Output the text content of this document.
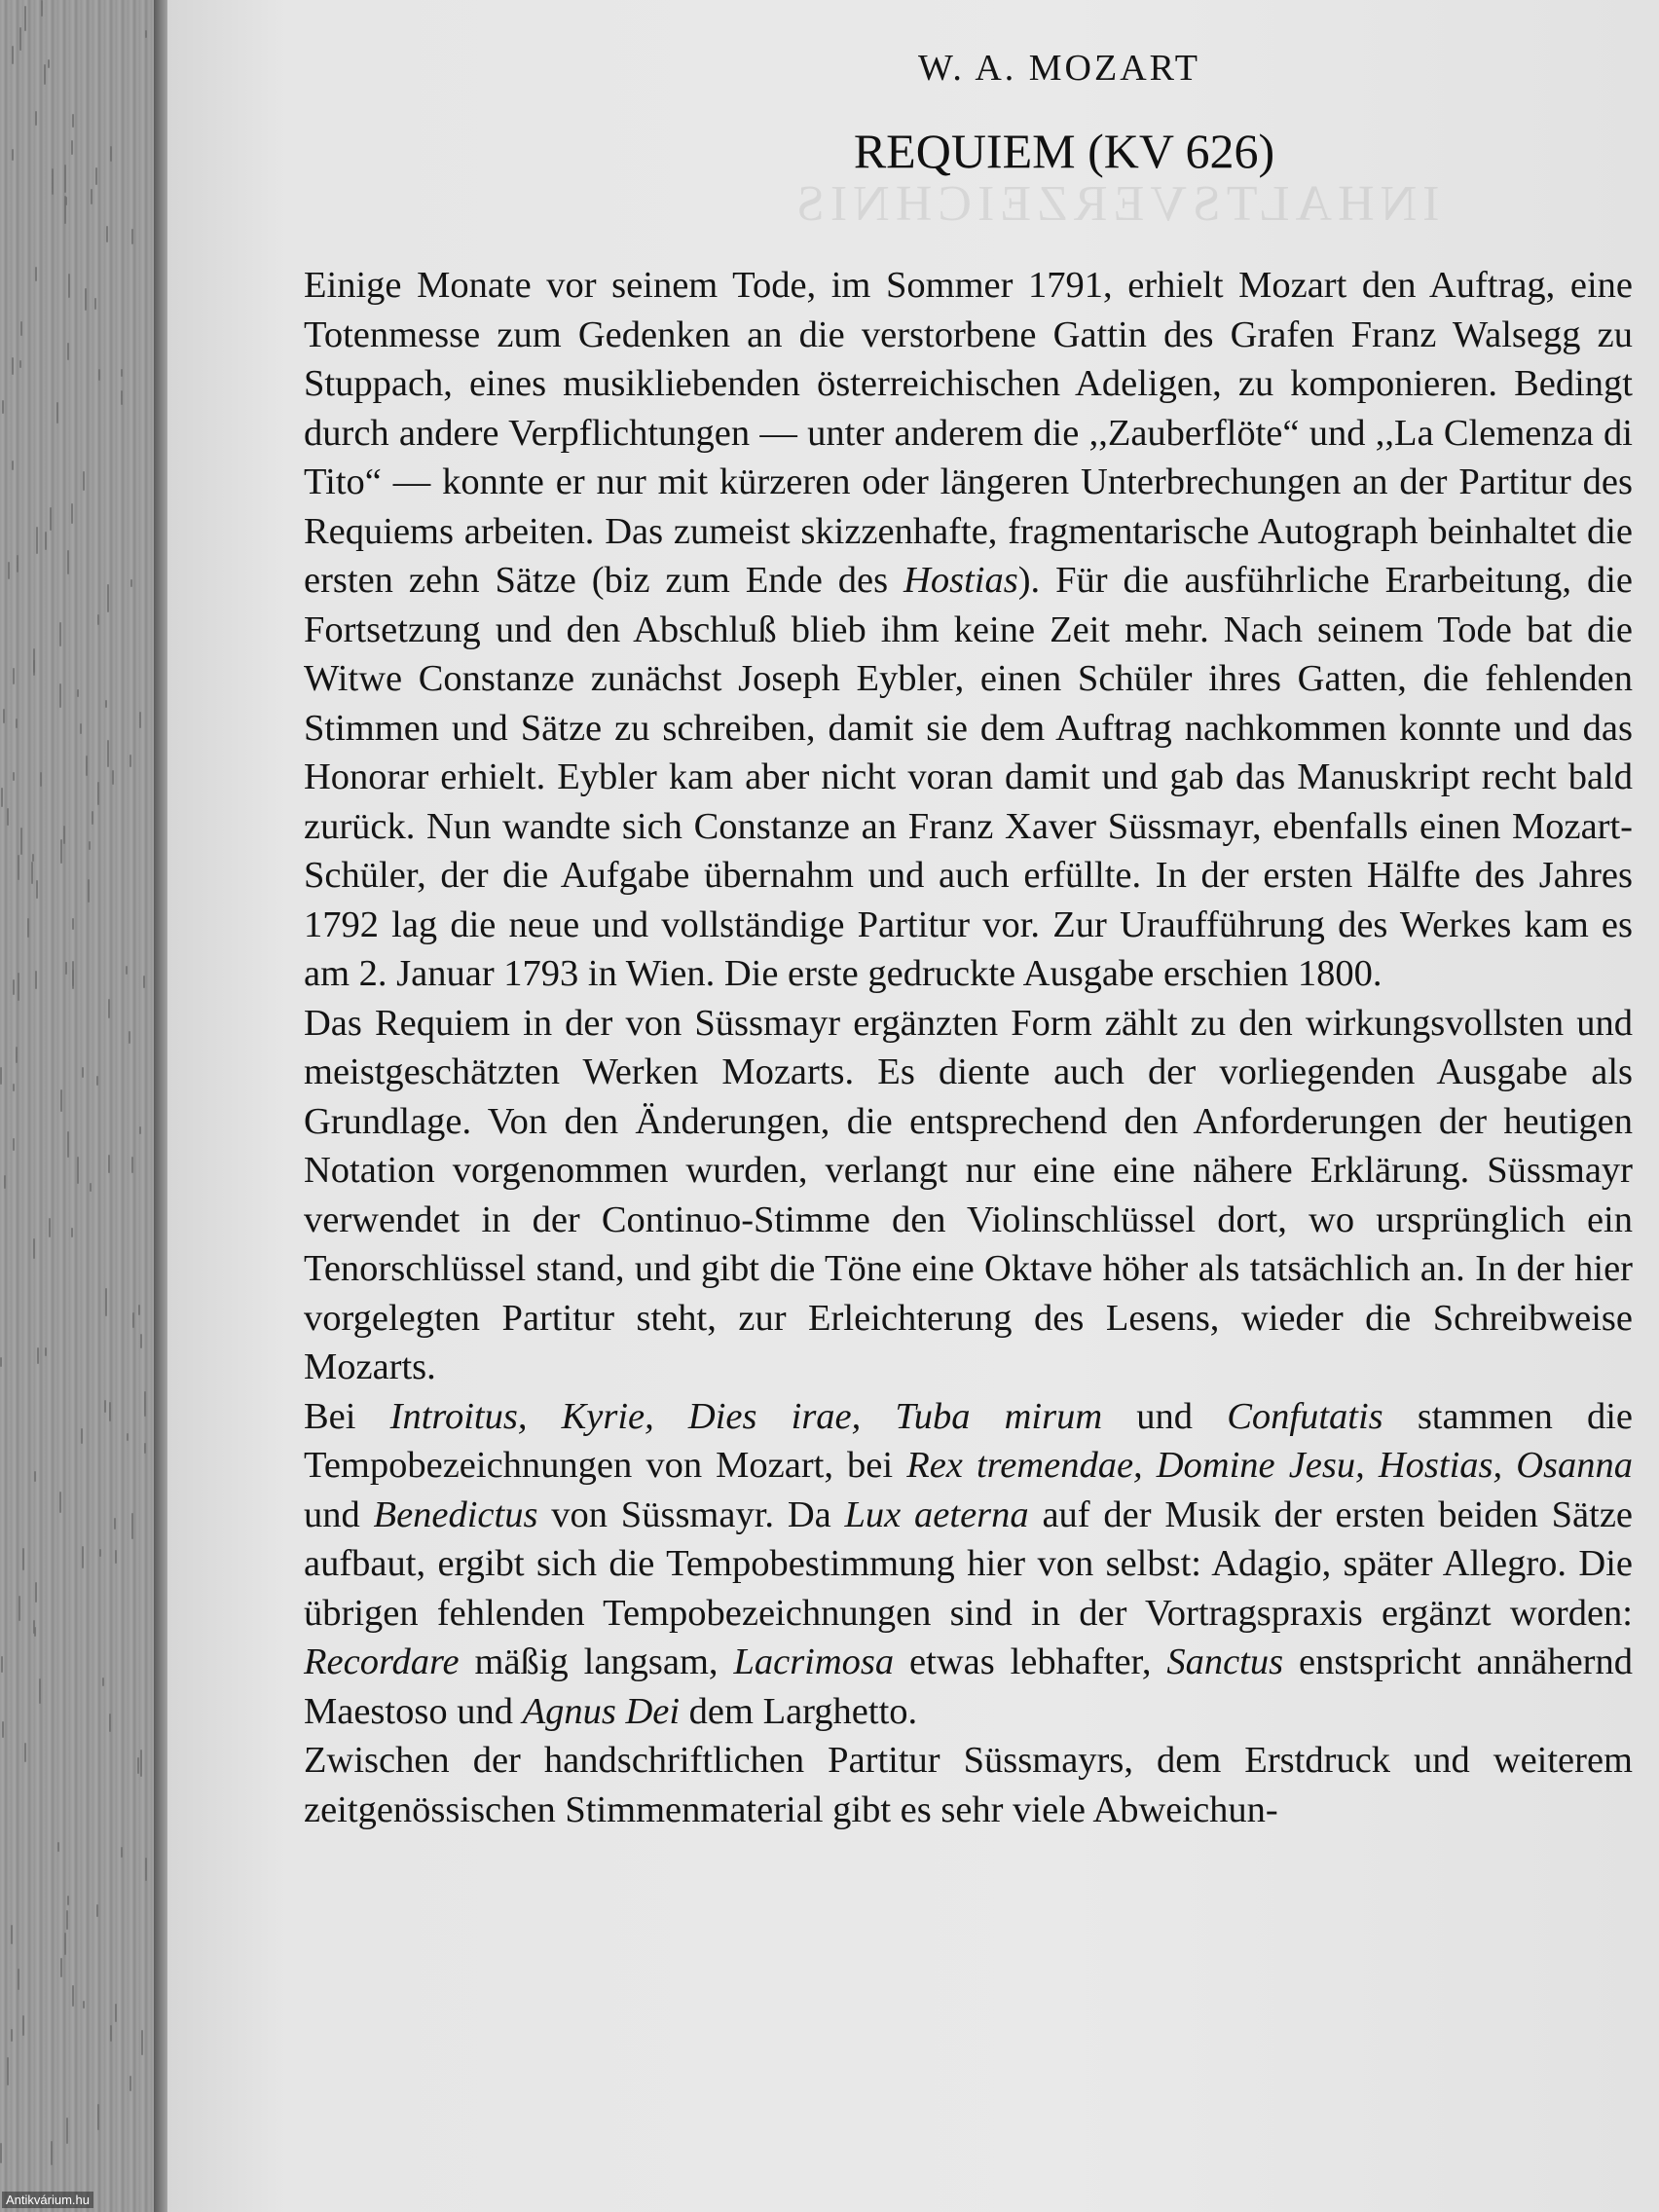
INHALTSVERZEICHNIS
W. A. MOZART
REQUIEM (KV 626)

Einige Monate vor seinem Tode, im Sommer 1791, erhielt Mozart den Auftrag, eine Totenmesse zum Gedenken an die verstorbene Gattin des Grafen Franz Walsegg zu Stuppach, eines musikliebenden österreichischen Adeligen, zu komponieren. Bedingt durch andere Verpflichtungen — unter anderem die ,,Zauberflöte“ und ,,La Clemenza di Tito“ — konnte er nur mit kürzeren oder längeren Unterbrechungen an der Partitur des Requiems arbeiten. Das zumeist skizzenhafte, fragmentarische Autograph beinhaltet die ersten zehn Sätze (biz zum Ende des Hostias). Für die ausführliche Erarbeitung, die Fortsetzung und den Abschluß blieb ihm keine Zeit mehr. Nach seinem Tode bat die Witwe Constanze zunächst Joseph Eybler, einen Schüler ihres Gatten, die fehlenden Stimmen und Sätze zu schreiben, damit sie dem Auftrag nachkommen konnte und das Honorar erhielt. Eybler kam aber nicht voran damit und gab das Manuskript recht bald zurück. Nun wandte sich Constanze an Franz Xaver Süssmayr, ebenfalls einen Mozart-Schüler, der die Aufgabe übernahm und auch erfüllte. In der ersten Hälfte des Jahres 1792 lag die neue und vollständige Partitur vor. Zur Uraufführung des Werkes kam es am 2. Januar 1793 in Wien. Die erste gedruckte Ausgabe erschien 1800.

Das Requiem in der von Süssmayr ergänzten Form zählt zu den wirkungsvollsten und meistgeschätzten Werken Mozarts. Es diente auch der vorliegenden Ausgabe als Grundlage. Von den Änderungen, die entsprechend den Anforderungen der heutigen Notation vorgenommen wurden, verlangt nur eine eine nähere Erklärung. Süssmayr verwendet in der Continuo-Stimme den Violinschlüssel dort, wo ursprünglich ein Tenorschlüssel stand, und gibt die Töne eine Oktave höher als tatsächlich an. In der hier vorgelegten Partitur steht, zur Erleichterung des Lesens, wieder die Schreibweise Mozarts.

Bei Introitus, Kyrie, Dies irae, Tuba mirum und Confutatis stammen die Tempobezeichnungen von Mozart, bei Rex tremendae, Domine Jesu, Hostias, Osanna und Benedictus von Süssmayr. Da Lux aeterna auf der Musik der ersten beiden Sätze aufbaut, ergibt sich die Tempobestimmung hier von selbst: Adagio, später Allegro. Die übrigen fehlenden Tempobezeichnungen sind in der Vortragspraxis ergänzt worden: Recordare mäßig langsam, Lacrimosa etwas lebhafter, Sanctus enstspricht annähernd Maestoso und Agnus Dei dem Larghetto.

Zwischen der handschriftlichen Partitur Süssmayrs, dem Erstdruck und weiterem zeitgenössischen Stimmenmaterial gibt es sehr viele Abweichun-

Antikvárium.hu
